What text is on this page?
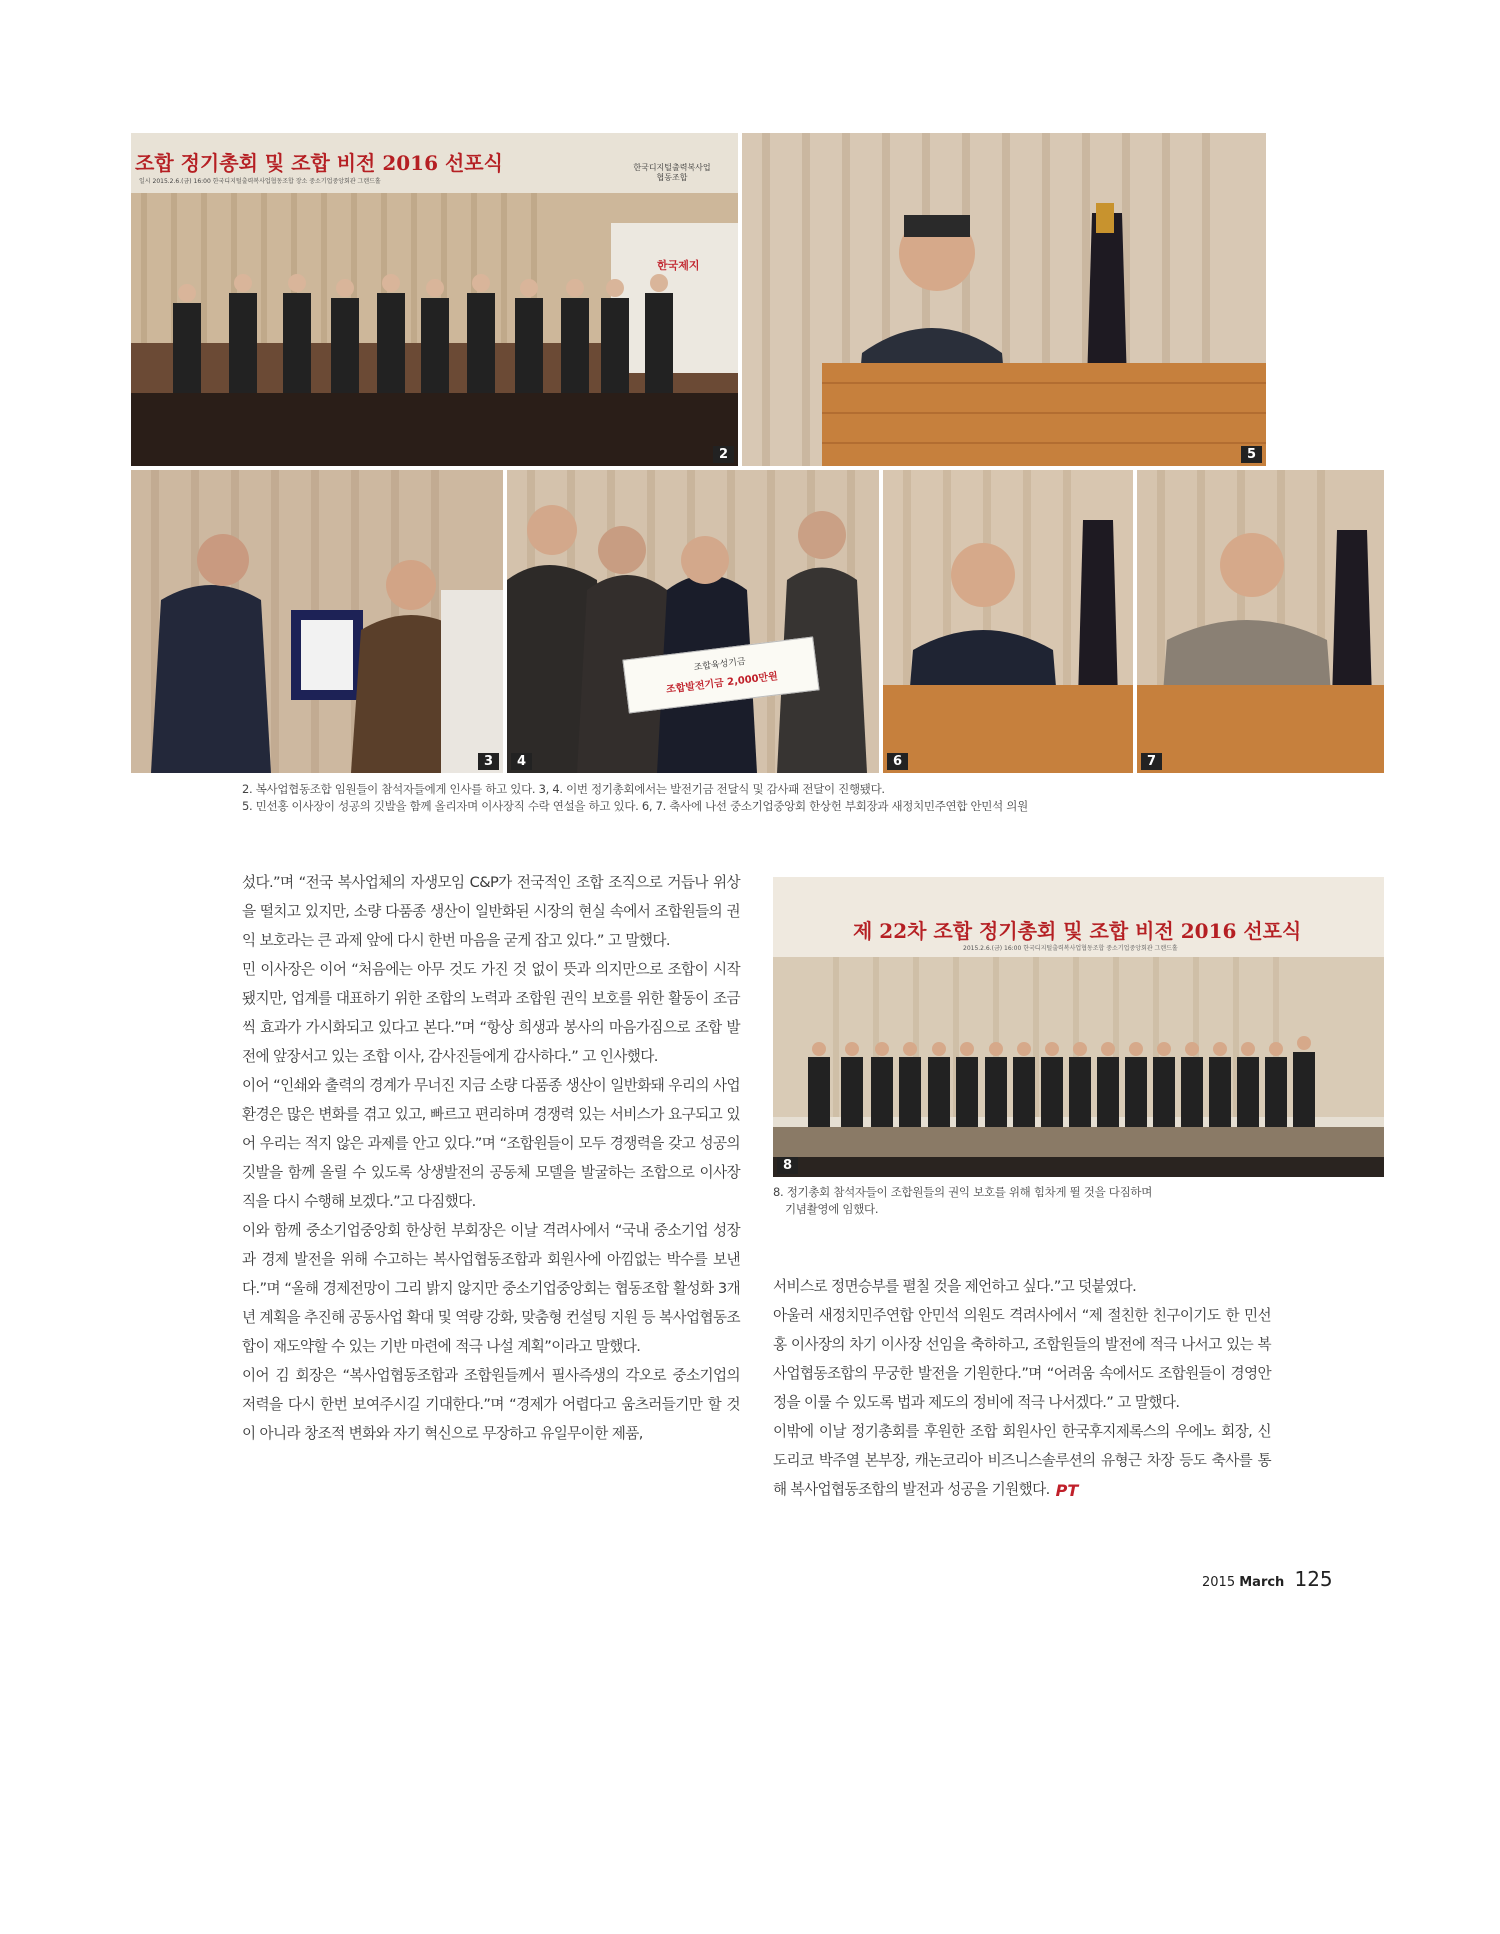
조합 정기총회 및 조합 비전 2016 선포식
일시 2015.2.6.(금) 16:00 한국디지털출력복사업협동조합 장소 중소기업중앙회관 그랜드홀
한국디지털출력복사업협동조합
한국제지
2	5
3
조합육성기금
조합발전기금 2,000만원
4	6	7
2. 복사업협동조합 임원들이 참석자들에게 인사를 하고 있다. 3, 4. 이번 정기총회에서는 발전기금 전달식 및 감사패 전달이 진행됐다.
5. 민선홍 이사장이 성공의 깃발을 함께 올리자며 이사장직 수락 연설을 하고 있다. 6, 7. 축사에 나선 중소기업중앙회 한상헌 부회장과 새정치민주연합 안민석 의원
제 22차 조합 정기총회 및 조합 비전 2016 선포식
2015.2.6.(금) 16:00 한국디지털출력복사업협동조합 중소기업중앙회관 그랜드홀
8
8. 정기총회 참석자들이 조합원들의 권익 보호를 위해 힘차게 뛸 것을 다짐하며
기념촬영에 임했다.

섰다.”며 “전국 복사업체의 자생모임 C&P가 전국적인 조합 조직으로 거듭나 위상을 떨치고 있지만, 소량 다품종 생산이 일반화된 시장의 현실 속에서 조합원들의 권익 보호라는 큰 과제 앞에 다시 한번 마음을 굳게 잡고 있다.” 고 말했다.

민 이사장은 이어 “처음에는 아무 것도 가진 것 없이 뜻과 의지만으로 조합이 시작됐지만, 업계를 대표하기 위한 조합의 노력과 조합원 권익 보호를 위한 활동이 조금씩 효과가 가시화되고 있다고 본다.”며 “항상 희생과 봉사의 마음가짐으로 조합 발전에 앞장서고 있는 조합 이사, 감사진들에게 감사하다.” 고 인사했다.

이어 “인쇄와 출력의 경계가 무너진 지금 소량 다품종 생산이 일반화돼 우리의 사업 환경은 많은 변화를 겪고 있고, 빠르고 편리하며 경쟁력 있는 서비스가 요구되고 있어 우리는 적지 않은 과제를 안고 있다.”며 “조합원들이 모두 경쟁력을 갖고 성공의 깃발을 함께 올릴 수 있도록 상생발전의 공동체 모델을 발굴하는 조합으로 이사장직을 다시 수행해 보겠다.”고 다짐했다.

이와 함께 중소기업중앙회 한상헌 부회장은 이날 격려사에서 “국내 중소기업 성장과 경제 발전을 위해 수고하는 복사업협동조합과 회원사에 아낌없는 박수를 보낸다.”며 “올해 경제전망이 그리 밝지 않지만 중소기업중앙회는 협동조합 활성화 3개년 계획을 추진해 공동사업 확대 및 역량 강화, 맞춤형 컨설팅 지원 등 복사업협동조합이 재도약할 수 있는 기반 마련에 적극 나설 계획”이라고 말했다.

이어 김 회장은 “복사업협동조합과 조합원들께서 필사즉생의 각오로 중소기업의 저력을 다시 한번 보여주시길 기대한다.”며 “경제가 어렵다고 움츠러들기만 할 것이 아니라 창조적 변화와 자기 혁신으로 무장하고 유일무이한 제품,

서비스로 정면승부를 펼칠 것을 제언하고 싶다.”고 덧붙였다.

아울러 새정치민주연합 안민석 의원도 격려사에서 “제 절친한 친구이기도 한 민선홍 이사장의 차기 이사장 선임을 축하하고, 조합원들의 발전에 적극 나서고 있는 복사업협동조합의 무궁한 발전을 기원한다.”며 “어려움 속에서도 조합원들이 경영안정을 이룰 수 있도록 법과 제도의 정비에 적극 나서겠다.” 고 말했다.

이밖에 이날 정기총회를 후원한 조합 회원사인 한국후지제록스의 우에노 회장, 신도리코 박주열 본부장, 캐논코리아 비즈니스솔루션의 유형근 차장 등도 축사를 통해 복사업협동조합의 발전과 성공을 기원했다. PT

2015 March 125
